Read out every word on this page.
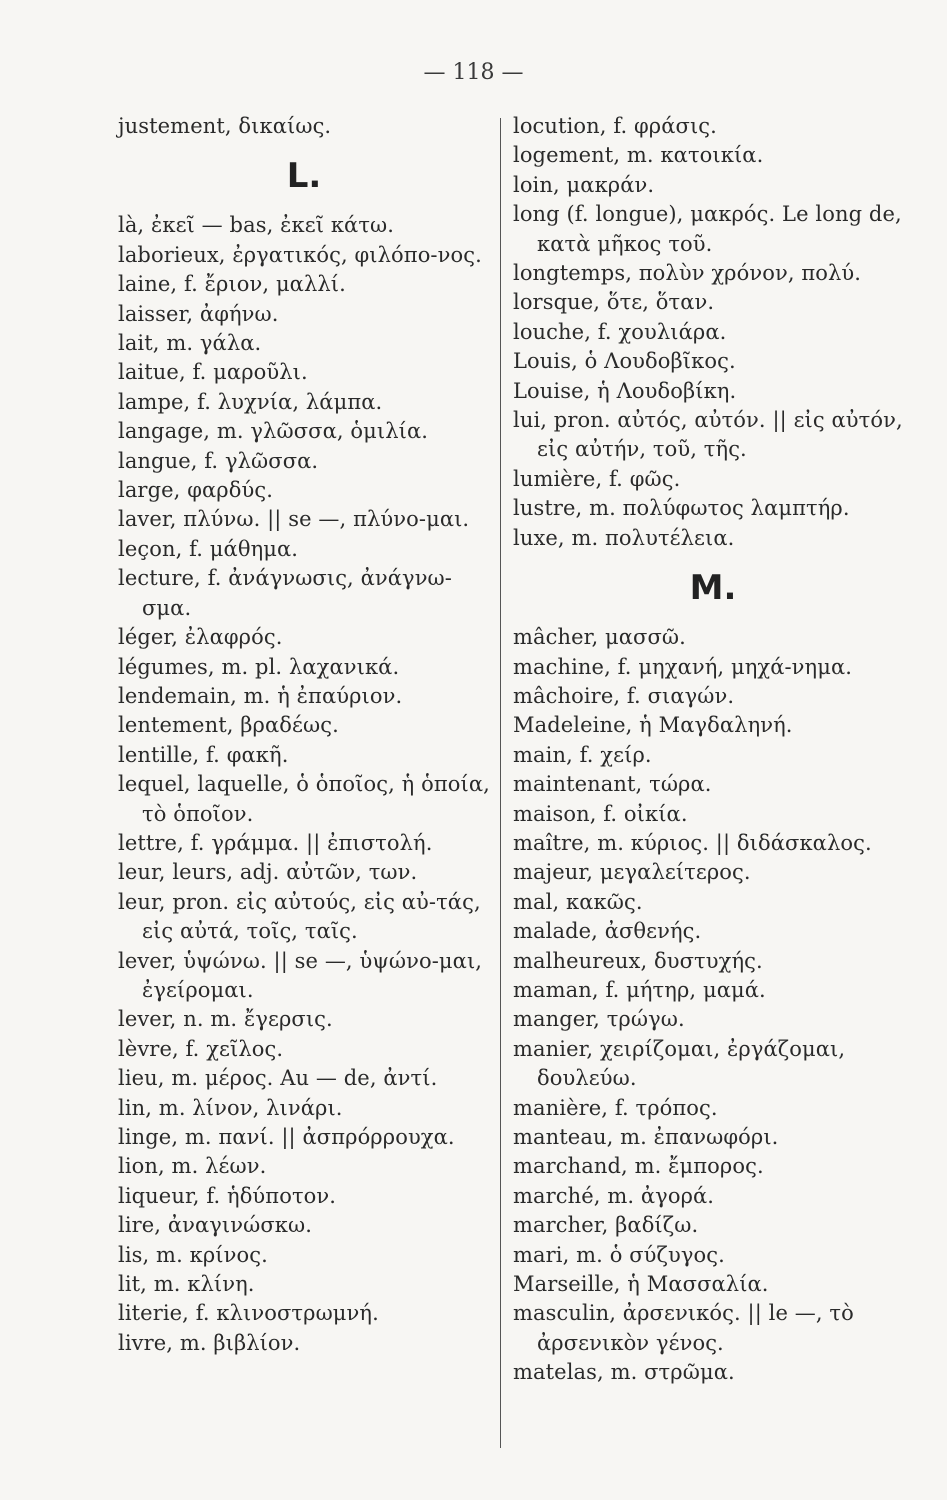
— 118 —
justement, δικαίως.
L.
là, ἐκεῖ — bas, ἐκεῖ κάτω.
laborieux, ἐργατικός, φιλόπο-νος.
laine, f. ἔριον, μαλλί.
laisser, ἀφήνω.
lait, m. γάλα.
laitue, f. μαροῦλι.
lampe, f. λυχνία, λάμπα.
langage, m. γλῶσσα, ὁμιλία.
langue, f. γλῶσσα.
large, φαρδύς.
laver, πλύνω. || se —, πλύνο-μαι.
leçon, f. μάθημα.
lecture, f. ἀνάγνωσις, ἀνάγνω-σμα.
léger, ἐλαφρός.
légumes, m. pl. λαχανικά.
lendemain, m. ἡ ἐπαύριον.
lentement, βραδέως.
lentille, f. φακῆ.
lequel, laquelle, ὁ ὁποῖος, ἡ ὁποία, τὸ ὁποῖον.
lettre, f. γράμμα. || ἐπιστολή.
leur, leurs, adj. αὐτῶν, των.
leur, pron. εἰς αὐτούς, εἰς αὐ-τάς, εἰς αὐτά, τοῖς, ταῖς.
lever, ὑψώνω. || se —, ὑψώνο-μαι, ἐγείρομαι.
lever, n. m. ἔγερσις.
lèvre, f. χεῖλος.
lieu, m. μέρος. Au — de, ἀντί.
lin, m. λίνον, λινάρι.
linge, m. πανί. || ἀσπρόρρουχα.
lion, m. λέων.
liqueur, f. ἡδύποτον.
lire, ἀναγινώσκω.
lis, m. κρίνος.
lit, m. κλίνη.
literie, f. κλινοστρωμνή.
livre, m. βιβλίον.
locution, f. φράσις.
logement, m. κατοικία.
loin, μακράν.
long (f. longue), μακρός. Le long de, κατὰ μῆκος τοῦ.
longtemps, πολὺν χρόνον, πολύ.
lorsque, ὅτε, ὅταν.
louche, f. χουλιάρα.
Louis, ὁ Λουδοβῖκος.
Louise, ἡ Λουδοβίκη.
lui, pron. αὐτός, αὐτόν. || εἰς αὐτόν, εἰς αὐτήν, τοῦ, τῆς.
lumière, f. φῶς.
lustre, m. πολύφωτος λαμπτήρ.
luxe, m. πολυτέλεια.
M.
mâcher, μασσῶ.
machine, f. μηχανή, μηχά-νημα.
mâchoire, f. σιαγών.
Madeleine, ἡ Μαγδαληνή.
main, f. χείρ.
maintenant, τώρα.
maison, f. οἰκία.
maître, m. κύριος. || διδάσκαλος.
majeur, μεγαλείτερος.
mal, κακῶς.
malade, ἀσθενής.
malheureux, δυστυχής.
maman, f. μήτηρ, μαμά.
manger, τρώγω.
manier, χειρίζομαι, ἐργάζομαι, δουλεύω.
manière, f. τρόπος.
manteau, m. ἐπανωφόρι.
marchand, m. ἔμπορος.
marché, m. ἀγορά.
marcher, βαδίζω.
mari, m. ὁ σύζυγος.
Marseille, ἡ Μασσαλία.
masculin, ἀρσενικός. || le —, τὸ ἀρσενικὸν γένος.
matelas, m. στρῶμα.
